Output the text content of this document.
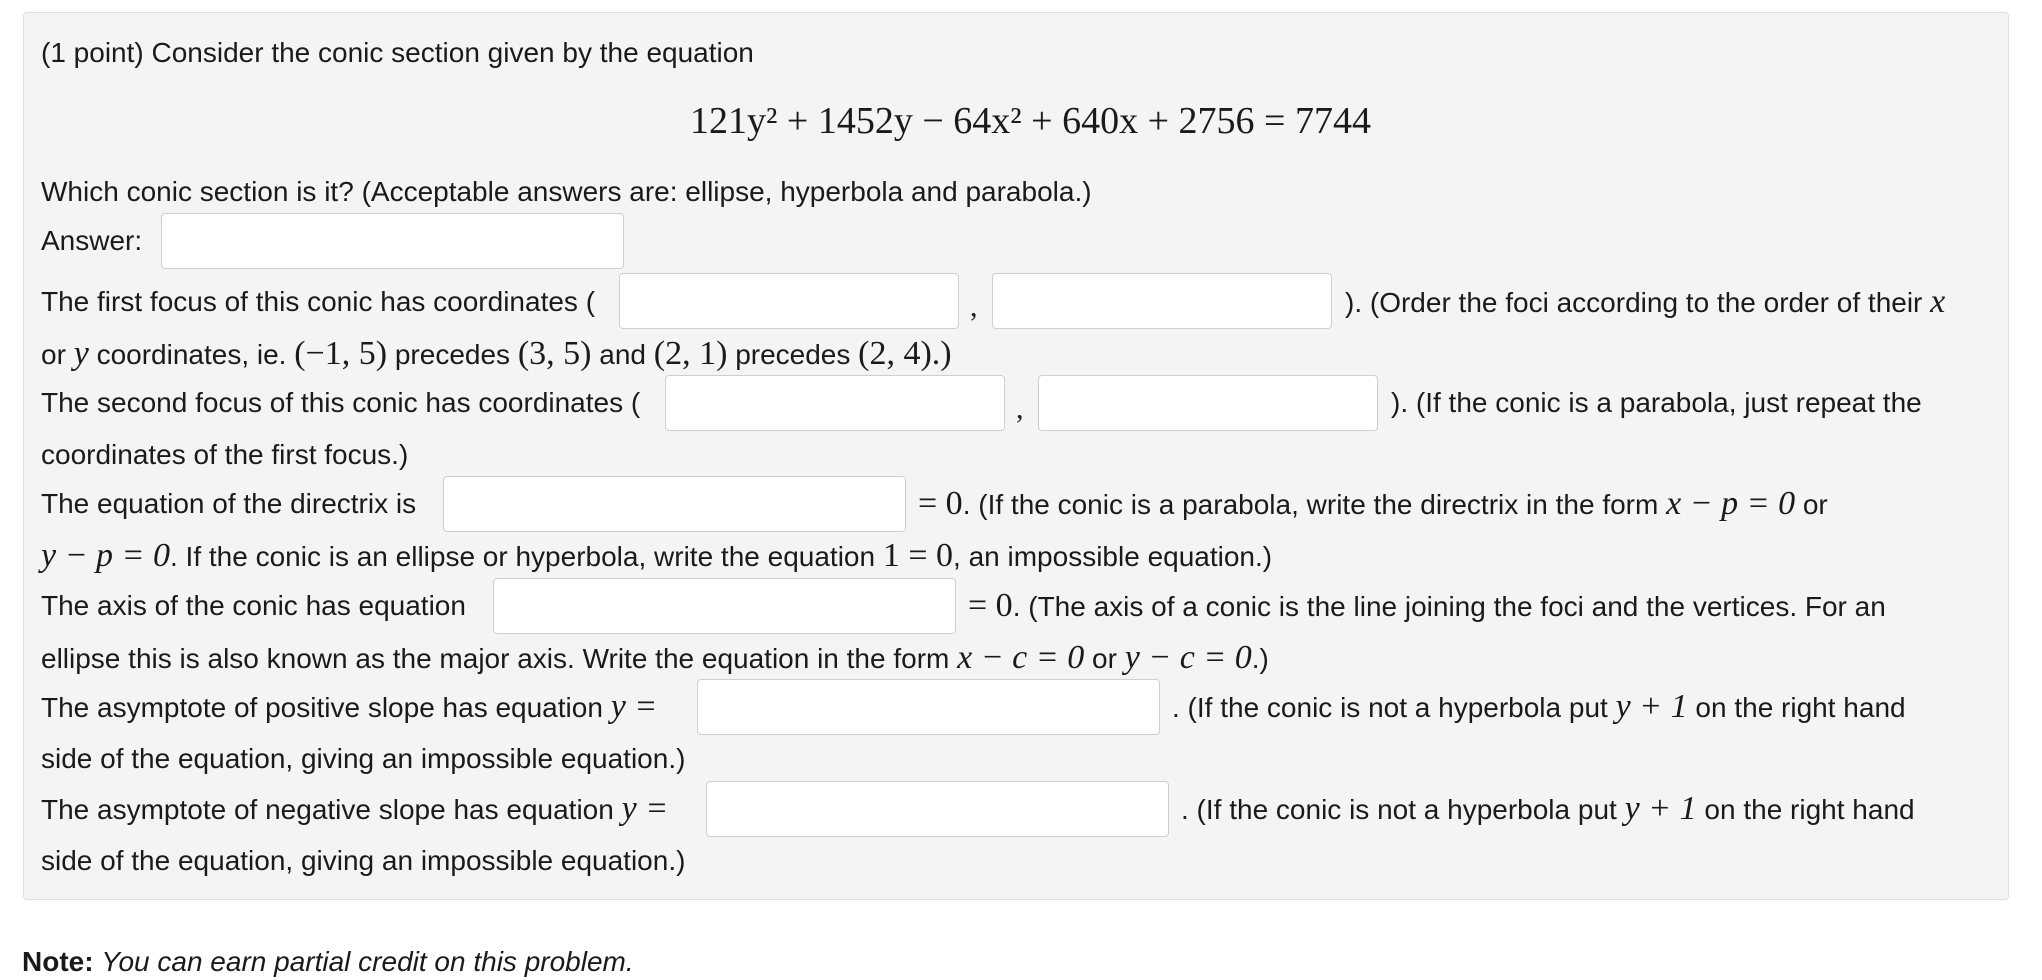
(1 point) Consider the conic section given by the equation
121y² + 1452y − 64x² + 640x + 2756 = 7744
Which conic section is it? (Acceptable answers are: ellipse, hyperbola and parabola.)
Answer:
The first focus of this conic has coordinates (	,	). (Order the foci according to the order of their x
or y coordinates, ie. (−1, 5) precedes (3, 5) and (2, 1) precedes (2, 4).)
The second focus of this conic has coordinates (	,	). (If the conic is a parabola, just repeat the
coordinates of the first focus.)
The equation of the directrix is	= 0. (If the conic is a parabola, write the directrix in the form x − p = 0 or
y − p = 0. If the conic is an ellipse or hyperbola, write the equation 1 = 0, an impossible equation.)
The axis of the conic has equation	= 0. (The axis of a conic is the line joining the foci and the vertices. For an
ellipse this is also known as the major axis. Write the equation in the form x − c = 0 or y − c = 0.)
The asymptote of positive slope has equation y =	. (If the conic is not a hyperbola put y + 1 on the right hand
side of the equation, giving an impossible equation.)
The asymptote of negative slope has equation y =	. (If the conic is not a hyperbola put y + 1 on the right hand
side of the equation, giving an impossible equation.)
Note: You can earn partial credit on this problem.
